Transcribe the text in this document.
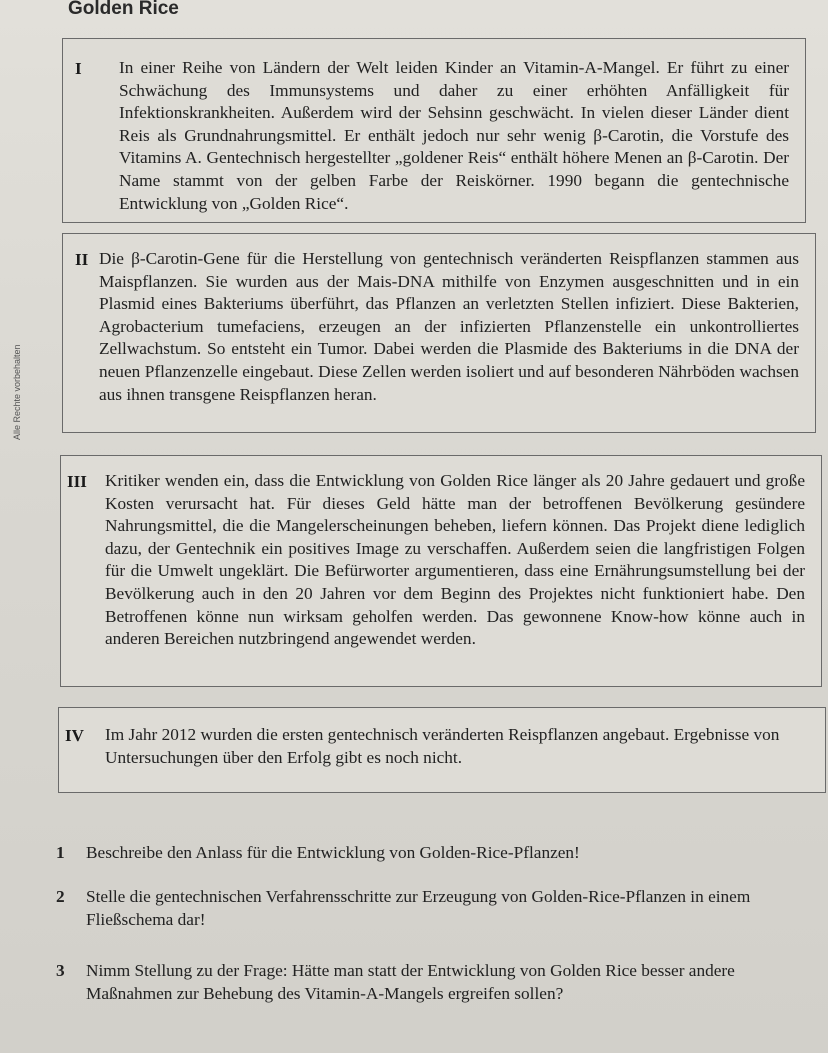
Golden Rice
Alle Rechte vorbehalten
I In einer Reihe von Ländern der Welt leiden Kinder an Vitamin-A-Mangel. Er führt zu einer Schwächung des Immunsystems und daher zu einer erhöhten Anfälligkeit für Infektionskrankheiten. Außerdem wird der Sehsinn geschwächt. In vielen dieser Länder dient Reis als Grundnahrungsmittel. Er enthält jedoch nur sehr wenig β-Carotin, die Vorstufe des Vitamins A. Gentechnisch hergestellter „goldener Reis“ enthält höhere Menen an β-Carotin. Der Name stammt von der gelben Farbe der Reiskörner. 1990 begann die gentechnische Entwicklung von „Golden Rice“.
II Die β-Carotin-Gene für die Herstellung von gentechnisch veränderten Reispflanzen stammen aus Maispflanzen. Sie wurden aus der Mais-DNA mithilfe von Enzymen ausgeschnitten und in ein Plasmid eines Bakteriums überführt, das Pflanzen an verletzten Stellen infiziert. Diese Bakterien, Agrobacterium tumefaciens, erzeugen an der infizierten Pflanzenstelle ein unkontrolliertes Zellwachstum. So entsteht ein Tumor. Dabei werden die Plasmide des Bakteriums in die DNA der neuen Pflanzenzelle eingebaut. Diese Zellen werden isoliert und auf besonderen Nährböden wachsen aus ihnen transgene Reispflanzen heran.
III Kritiker wenden ein, dass die Entwicklung von Golden Rice länger als 20 Jahre gedauert und große Kosten verursacht hat. Für dieses Geld hätte man der betroffenen Bevölkerung gesündere Nahrungsmittel, die die Mangelerscheinungen beheben, liefern können. Das Projekt diene lediglich dazu, der Gentechnik ein positives Image zu verschaffen. Außerdem seien die langfristigen Folgen für die Umwelt ungeklärt. Die Befürworter argumentieren, dass eine Ernährungsumstellung bei der Bevölkerung auch in den 20 Jahren vor dem Beginn des Projektes nicht funktioniert habe. Den Betroffenen könne nun wirksam geholfen werden. Das gewonnene Know-how könne auch in anderen Bereichen nutzbringend angewendet werden.
IV Im Jahr 2012 wurden die ersten gentechnisch veränderten Reispflanzen angebaut. Ergebnisse von Untersuchungen über den Erfolg gibt es noch nicht.
1 Beschreibe den Anlass für die Entwicklung von Golden-Rice-Pflanzen!
2 Stelle die gentechnischen Verfahrensschritte zur Erzeugung von Golden-Rice-Pflanzen in einem Fließschema dar!
3 Nimm Stellung zu der Frage: Hätte man statt der Entwicklung von Golden Rice besser andere Maßnahmen zur Behebung des Vitamin-A-Mangels ergreifen sollen?
